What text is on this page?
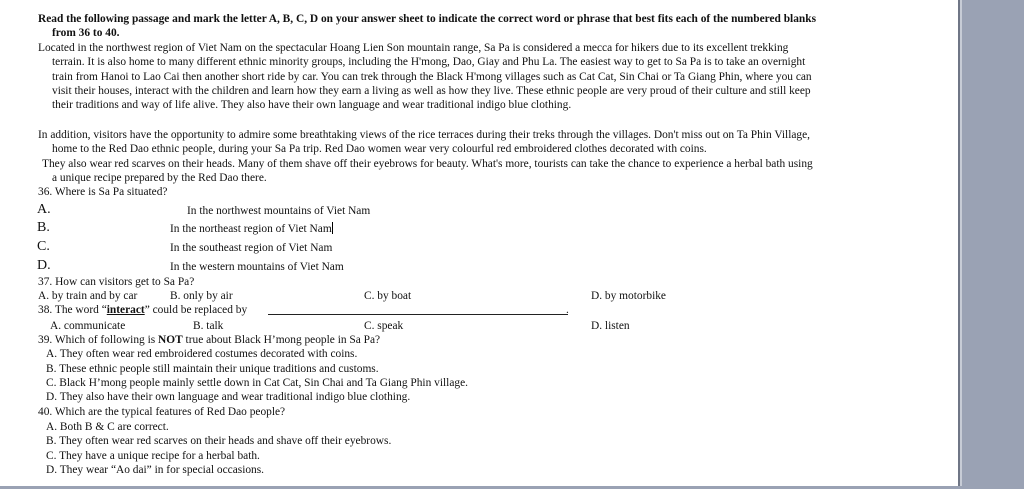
Read the following passage and mark the letter A, B, C, D on your answer sheet to indicate the correct word or phrase that best fits each of the numbered blanks
from 36 to 40.
Located in the northwest region of Viet Nam on the spectacular Hoang Lien Son mountain range, Sa Pa is considered a mecca for hikers due to its excellent trekking
terrain. It is also home to many different ethnic minority groups, including the H'mong, Dao, Giay and Phu La. The easiest way to get to Sa Pa is to take an overnight
train from Hanoi to Lao Cai then another short ride by car. You can trek through the Black H'mong villages such as Cat Cat, Sin Chai or Ta Giang Phin, where you can
visit their houses, interact with the children and learn how they earn a living as well as how they live. These ethnic people are very proud of their culture and still keep
their traditions and way of life alive. They also have their own language and wear traditional indigo blue clothing.
In addition, visitors have the opportunity to admire some breathtaking views of the rice terraces during their treks through the villages. Don't miss out on Ta Phin Village,
home to the Red Dao ethnic people, during your Sa Pa trip. Red Dao women wear very colourful red embroidered clothes decorated with coins.
They also wear red scarves on their heads. Many of them shave off their eyebrows for beauty. What's more, tourists can take the chance to experience a herbal bath using
a unique recipe prepared by the Red Dao there.
36. Where is Sa Pa situated?
A.	In the northwest mountains of Viet Nam
B.	In the northeast region of Viet Nam
C.	In the southeast region of Viet Nam
D.	In the western mountains of Viet Nam
37. How can visitors get to Sa Pa?
A. by train and by car	B. only by air	C. by boat	D. by motorbike
38. The word “interact” could be replaced by	.
A. communicate	B. talk	C. speak	D. listen
39. Which of following is NOT true about Black H’mong people in Sa Pa?
A. They often wear red embroidered costumes decorated with coins.
B. These ethnic people still maintain their unique traditions and customs.
C. Black H’mong people mainly settle down in Cat Cat, Sin Chai and Ta Giang Phin village.
D. They also have their own language and wear traditional indigo blue clothing.
40. Which are the typical features of Red Dao people?
A. Both B & C are correct.
B. They often wear red scarves on their heads and shave off their eyebrows.
C. They have a unique recipe for a herbal bath.
D. They wear “Ao dai” in for special occasions.
